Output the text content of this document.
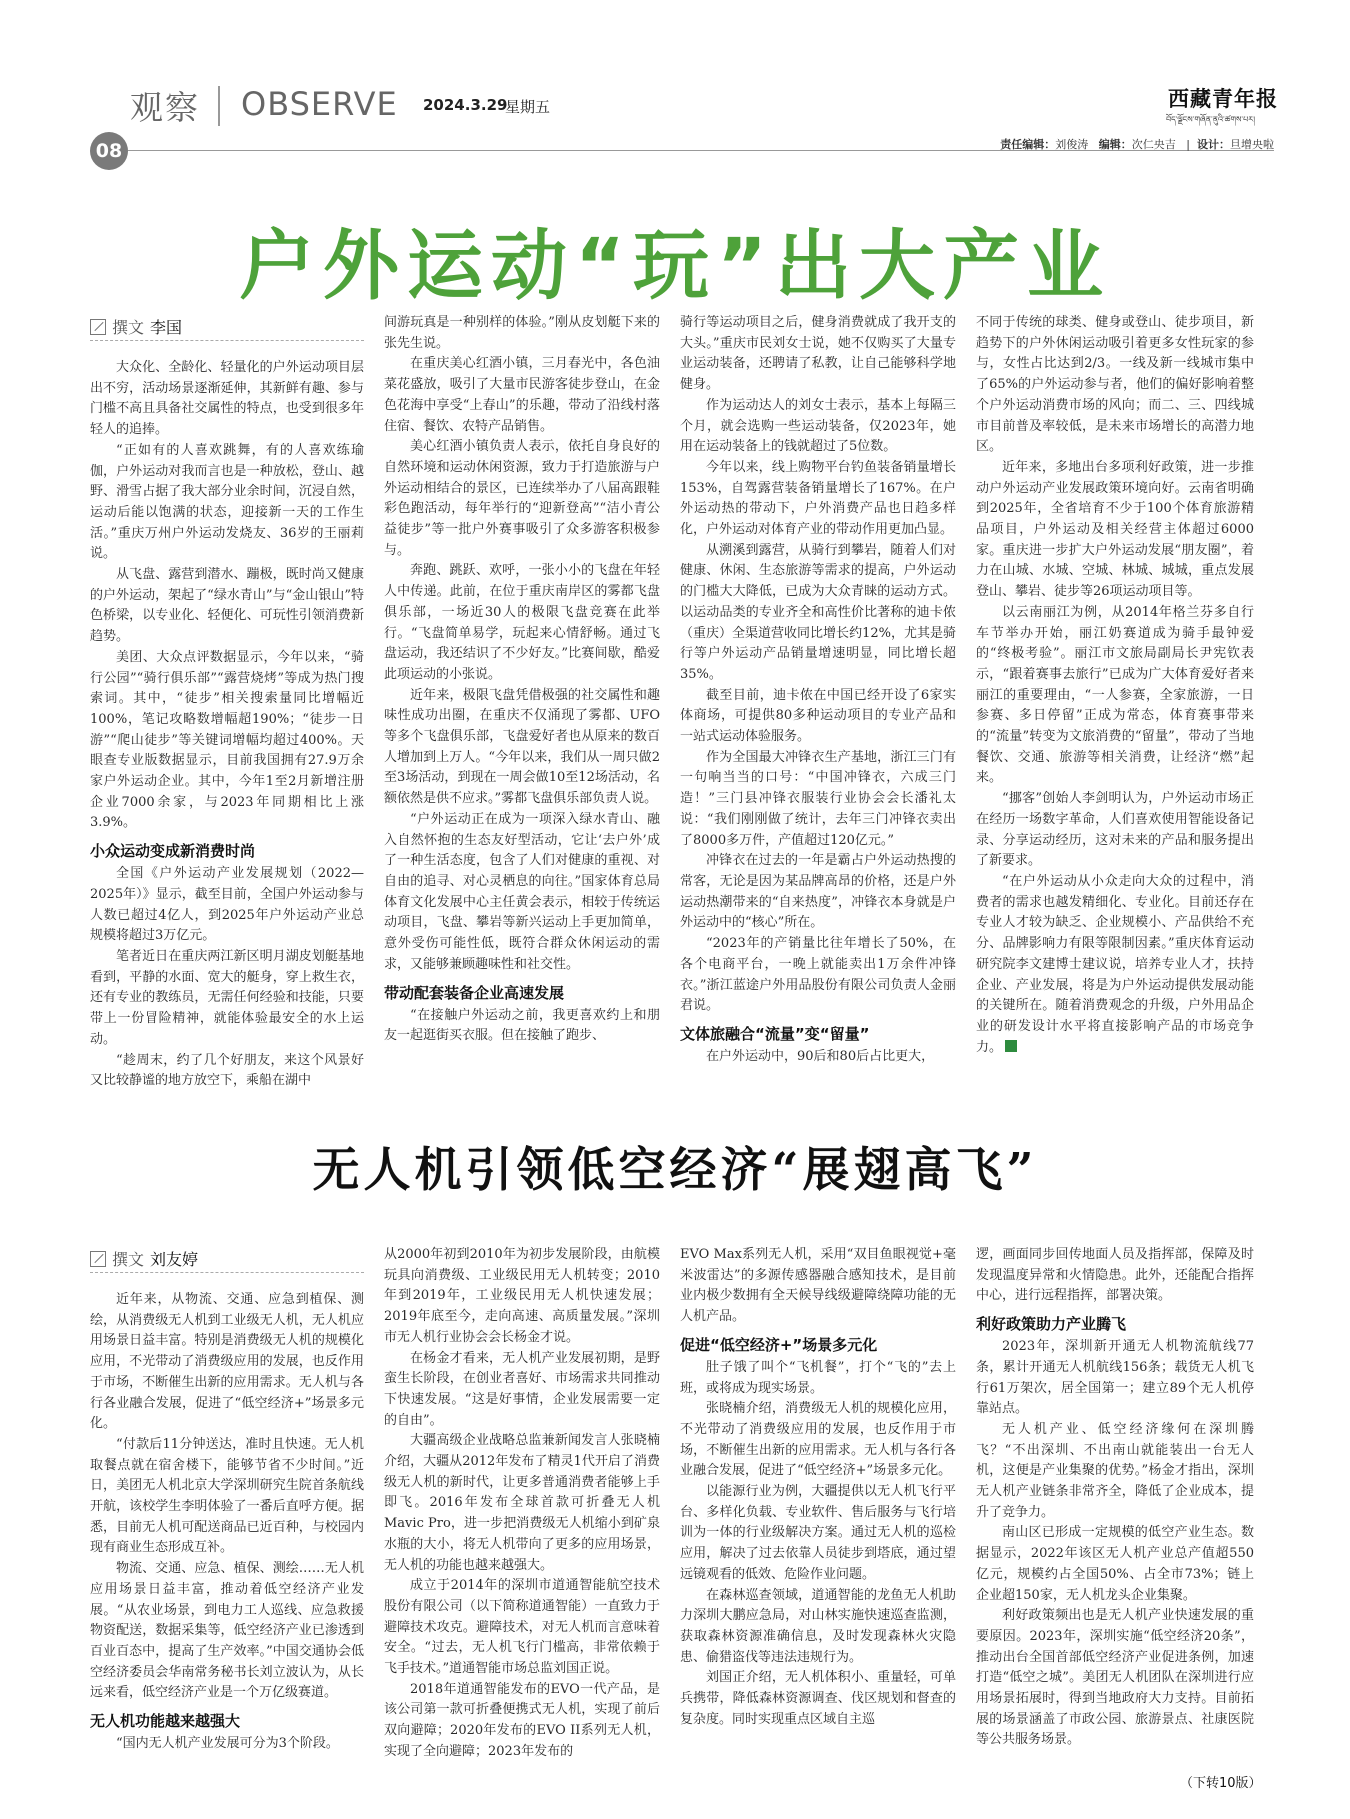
观察 OBSERVE 2024.3.29
星期五
08
西藏青年报
བོད་ལྗོངས་གཞོན་ནུའི་ཚགས་པར།
责任编辑：刘俊涛 编辑：次仁央吉   |  设计：旦增央啦
户外运动“玩”出大产业
撰文 李国

大众化、全龄化、轻量化的户外运动项目层出不穷，活动场景逐渐延伸，其新鲜有趣、参与门槛不高且具备社交属性的特点，也受到很多年轻人的追捧。

“正如有的人喜欢跳舞，有的人喜欢练瑜伽，户外运动对我而言也是一种放松，登山、越野、滑雪占据了我大部分业余时间，沉浸自然，运动后能以饱满的状态，迎接新一天的工作生活。”重庆万州户外运动发烧友、36岁的王丽莉说。

从飞盘、露营到潜水、蹦极，既时尚又健康的户外运动，架起了“绿水青山”与“金山银山”特色桥梁，以专业化、轻便化、可玩性引领消费新趋势。

美团、大众点评数据显示，今年以来，“骑行公园”“骑行俱乐部”“露营烧烤”等成为热门搜索词。其中，“徒步”相关搜索量同比增幅近100%，笔记攻略数增幅超190%；“徒步一日游”“爬山徒步”等关键词增幅均超过400%。天眼查专业版数据显示，目前我国拥有27.9万余家户外运动企业。其中，今年1至2月新增注册企业7000余家，与2023年同期相比上涨3.9%。

小众运动变成新消费时尚

全国《户外运动产业发展规划（2022—2025年）》显示，截至目前，全国户外运动参与人数已超过4亿人，到2025年户外运动产业总规模将超过3万亿元。

笔者近日在重庆两江新区明月湖皮划艇基地看到，平静的水面、宽大的艇身，穿上救生衣，还有专业的教练员，无需任何经验和技能，只要带上一份冒险精神，就能体验最安全的水上运动。

“趁周末，约了几个好朋友，来这个风景好又比较静谧的地方放空下，乘船在湖中

间游玩真是一种别样的体验。”刚从皮划艇下来的张先生说。

在重庆美心红酒小镇，三月春光中，各色油菜花盛放，吸引了大量市民游客徒步登山，在金色花海中享受“上春山”的乐趣，带动了沿线村落住宿、餐饮、农特产品销售。

美心红酒小镇负责人表示，依托自身良好的自然环境和运动休闲资源，致力于打造旅游与户外运动相结合的景区，已连续举办了八届高跟鞋彩色跑活动，每年举行的“迎新登高”“洁小青公益徒步”等一批户外赛事吸引了众多游客积极参与。

奔跑、跳跃、欢呼，一张小小的飞盘在年轻人中传递。此前，在位于重庆南岸区的雾都飞盘俱乐部，一场近30人的极限飞盘竞赛在此举行。“飞盘简单易学，玩起来心情舒畅。通过飞盘运动，我还结识了不少好友。”比赛间歇，酷爱此项运动的小张说。

近年来，极限飞盘凭借极强的社交属性和趣味性成功出圈，在重庆不仅涌现了雾都、UFO等多个飞盘俱乐部，飞盘爱好者也从原来的数百人增加到上万人。“今年以来，我们从一周只做2至3场活动，到现在一周会做10至12场活动，名额依然是供不应求。”雾都飞盘俱乐部负责人说。

“户外运动正在成为一项深入绿水青山、融入自然怀抱的生态友好型活动，它让‘去户外’成了一种生活态度，包含了人们对健康的重视、对自由的追寻、对心灵栖息的向往。”国家体育总局体育文化发展中心主任黄会表示，相较于传统运动项目，飞盘、攀岩等新兴运动上手更加简单，意外受伤可能性低，既符合群众休闲运动的需求，又能够兼顾趣味性和社交性。

带动配套装备企业高速发展

“在接触户外运动之前，我更喜欢约上和朋友一起逛街买衣服。但在接触了跑步、

骑行等运动项目之后，健身消费就成了我开支的大头。”重庆市民刘女士说，她不仅购买了大量专业运动装备，还聘请了私教，让自己能够科学地健身。

作为运动达人的刘女士表示，基本上每隔三个月，就会选购一些运动装备，仅2023年，她用在运动装备上的钱就超过了5位数。

今年以来，线上购物平台钓鱼装备销量增长153%，自驾露营装备销量增长了167%。在户外运动热的带动下，户外消费产品也日趋多样化，户外运动对体育产业的带动作用更加凸显。

从溯溪到露营，从骑行到攀岩，随着人们对健康、休闲、生态旅游等需求的提高，户外运动的门槛大大降低，已成为大众青睐的运动方式。以运动品类的专业齐全和高性价比著称的迪卡侬（重庆）全渠道营收同比增长约12%，尤其是骑行等户外运动产品销量增速明显，同比增长超35%。

截至目前，迪卡侬在中国已经开设了6家实体商场，可提供80多种运动项目的专业产品和一站式运动体验服务。

作为全国最大冲锋衣生产基地，浙江三门有一句响当当的口号：“中国冲锋衣，六成三门造！”三门县冲锋衣服装行业协会会长潘礼太说：“我们刚刚做了统计，去年三门冲锋衣卖出了8000多万件，产值超过120亿元。”

冲锋衣在过去的一年是霸占户外运动热搜的常客，无论是因为某品牌高昂的价格，还是户外运动热潮带来的“自来热度”，冲锋衣本身就是户外运动中的“核心”所在。

“2023年的产销量比往年增长了50%，在各个电商平台，一晚上就能卖出1万余件冲锋衣。”浙江蓝途户外用品股份有限公司负责人金丽君说。

文体旅融合“流量”变“留量”

在户外运动中，90后和80后占比更大，

不同于传统的球类、健身或登山、徒步项目，新趋势下的户外休闲运动吸引着更多女性玩家的参与，女性占比达到2/3。一线及新一线城市集中了65%的户外运动参与者，他们的偏好影响着整个户外运动消费市场的风向；而二、三、四线城市目前普及率较低，是未来市场增长的高潜力地区。

近年来，多地出台多项利好政策，进一步推动户外运动产业发展政策环境向好。云南省明确到2025年，全省培育不少于100个体育旅游精品项目，户外运动及相关经营主体超过6000家。重庆进一步扩大户外运动发展“朋友圈”，着力在山城、水城、空城、林城、城城，重点发展登山、攀岩、徒步等26项运动项目等。

以云南丽江为例，从2014年格兰芬多自行车节举办开始，丽江奶赛道成为骑手最钟爱的“终极考验”。丽江市文旅局副局长尹宪钦表示，“跟着赛事去旅行”已成为广大体育爱好者来丽江的重要理由，“一人参赛，全家旅游，一日参赛、多日停留”正成为常态，体育赛事带来的“流量”转变为文旅消费的“留量”，带动了当地餐饮、交通、旅游等相关消费，让经济“燃”起来。

“挪客”创始人李剑明认为，户外运动市场正在经历一场数字革命，人们喜欢使用智能设备记录、分享运动经历，这对未来的产品和服务提出了新要求。

“在户外运动从小众走向大众的过程中，消费者的需求也越发精细化、专业化。目前还存在专业人才较为缺乏、企业规模小、产品供给不充分、品牌影响力有限等限制因素。”重庆体育运动研究院李文建博士建议说，培养专业人才，扶持企业、产业发展，将是为户外运动提供发展动能的关键所在。随着消费观念的升级，户外用品企业的研发设计水平将直接影响产品的市场竞争力。

无人机引领低空经济“展翅高飞”
撰文 刘友婷

近年来，从物流、交通、应急到植保、测绘，从消费级无人机到工业级无人机，无人机应用场景日益丰富。特别是消费级无人机的规模化应用，不光带动了消费级应用的发展，也反作用于市场，不断催生出新的应用需求。无人机与各行各业融合发展，促进了“低空经济+”场景多元化。

“付款后11分钟送达，准时且快速。无人机取餐点就在宿舍楼下，能够节省不少时间。”近日，美团无人机北京大学深圳研究生院首条航线开航，该校学生李明体验了一番后直呼方便。据悉，目前无人机可配送商品已近百种，与校园内现有商业生态形成互补。

物流、交通、应急、植保、测绘……无人机应用场景日益丰富，推动着低空经济产业发展。“从农业场景，到电力工人巡线、应急救援物资配送，数据采集等，低空经济产业已渗透到百业百态中，提高了生产效率。”中国交通协会低空经济委员会华南常务秘书长刘立波认为，从长远来看，低空经济产业是一个万亿级赛道。

无人机功能越来越强大

“国内无人机产业发展可分为3个阶段。

从2000年初到2010年为初步发展阶段，由航模玩具向消费级、工业级民用无人机转变；2010年到2019年，工业级民用无人机快速发展；2019年底至今，走向高速、高质量发展。”深圳市无人机行业协会会长杨金才说。

在杨金才看来，无人机产业发展初期，是野蛮生长阶段，在创业者喜好、市场需求共同推动下快速发展。“这是好事情，企业发展需要一定的自由”。

大疆高级企业战略总监兼新闻发言人张晓楠介绍，大疆从2012年发布了精灵1代开启了消费级无人机的新时代，让更多普通消费者能够上手即飞。2016年发布全球首款可折叠无人机Mavic Pro，进一步把消费级无人机缩小到矿泉水瓶的大小，将无人机带向了更多的应用场景，无人机的功能也越来越强大。

成立于2014年的深圳市道通智能航空技术股份有限公司（以下简称道通智能）一直致力于避障技术攻克。避障技术，对无人机而言意味着安全。“过去，无人机飞行门槛高，非常依赖于飞手技术。”道通智能市场总监刘国正说。

2018年道通智能发布的EVO一代产品，是该公司第一款可折叠便携式无人机，实现了前后双向避障；2020年发布的EVO II系列无人机，实现了全向避障；2023年发布的

EVO Max系列无人机，采用“双目鱼眼视觉+毫米波雷达”的多源传感器融合感知技术，是目前业内极少数拥有全天候导线级避障绕障功能的无人机产品。

促进“低空经济+”场景多元化

肚子饿了叫个“飞机餐”，打个“飞的”去上班，或将成为现实场景。

张晓楠介绍，消费级无人机的规模化应用，不光带动了消费级应用的发展，也反作用于市场，不断催生出新的应用需求。无人机与各行各业融合发展，促进了“低空经济+”场景多元化。

以能源行业为例，大疆提供以无人机飞行平台、多样化负载、专业软件、售后服务与飞行培训为一体的行业级解决方案。通过无人机的巡检应用，解决了过去依靠人员徒步到塔底，通过望远镜观看的低效、危险作业问题。

在森林巡查领域，道通智能的龙鱼无人机助力深圳大鹏应急局，对山林实施快速巡查监测，获取森林资源准确信息，及时发现森林火灾隐患、偷猎盗伐等违法违规行为。

刘国正介绍，无人机体积小、重量轻，可单兵携带，降低森林资源调查、伐区规划和督查的复杂度。同时实现重点区域自主巡

逻，画面同步回传地面人员及指挥部，保障及时发现温度异常和火情隐患。此外，还能配合指挥中心，进行远程指挥，部署决策。

利好政策助力产业腾飞

2023年，深圳新开通无人机物流航线77条，累计开通无人机航线156条；载货无人机飞行61万架次，居全国第一；建立89个无人机停靠站点。

无人机产业、低空经济缘何在深圳腾飞？“不出深圳、不出南山就能装出一台无人机，这便是产业集聚的优势。”杨金才指出，深圳无人机产业链条非常齐全，降低了企业成本，提升了竞争力。

南山区已形成一定规模的低空产业生态。数据显示，2022年该区无人机产业总产值超550亿元，规模约占全国50%、占全市73%；链上企业超150家，无人机龙头企业集聚。

利好政策频出也是无人机产业快速发展的重要原因。2023年，深圳实施“低空经济20条”，推动出台全国首部低空经济产业促进条例，加速打造“低空之城”。美团无人机团队在深圳进行应用场景拓展时，得到当地政府大力支持。目前拓展的场景涵盖了市政公园、旅游景点、社康医院等公共服务场景。

（下转10版）
